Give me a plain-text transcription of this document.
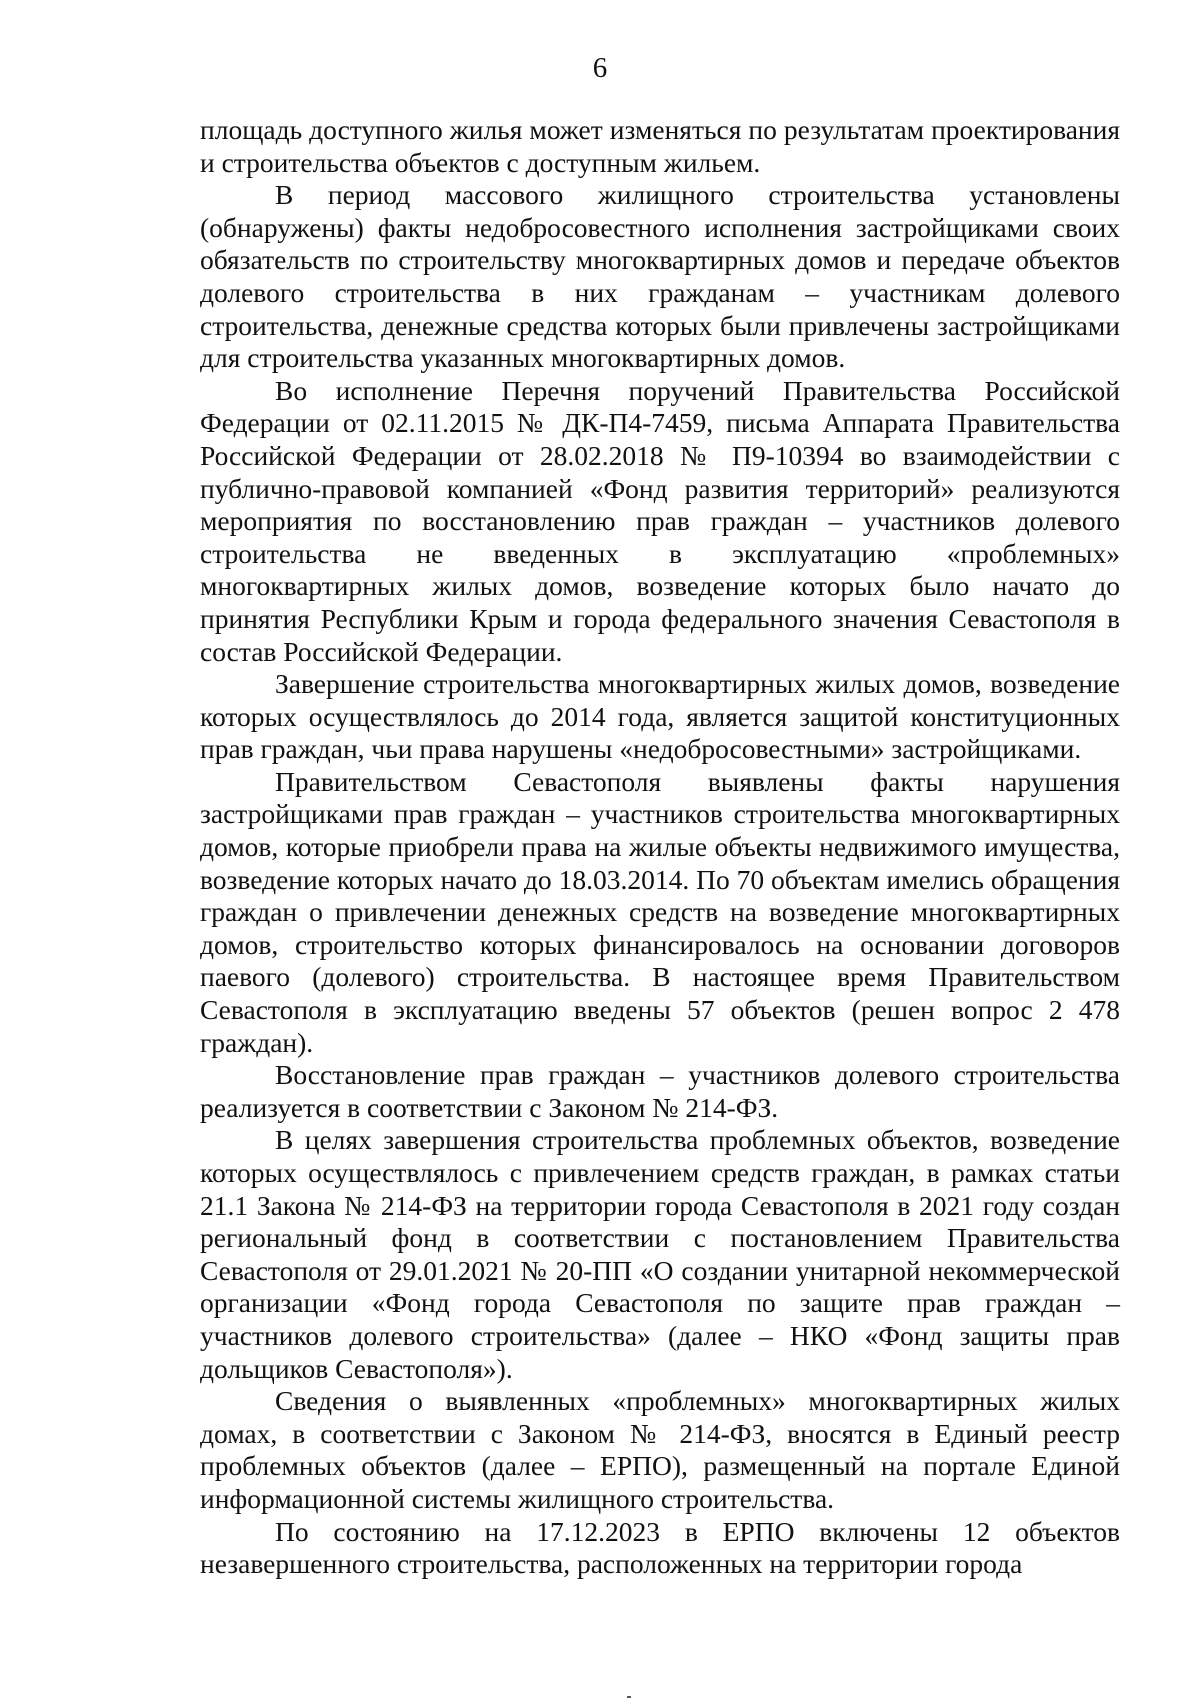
6

площадь доступного жилья может изменяться по результатам проектирования и строительства объектов с доступным жильем.

В период массового жилищного строительства установлены (обнаружены) факты недобросовестного исполнения застройщиками своих обязательств по строительству многоквартирных домов и передаче объектов долевого строительства в них гражданам – участникам долевого строительства, денежные средства которых были привлечены застройщиками для строительства указанных многоквартирных домов.

Во исполнение Перечня поручений Правительства Российской Федерации от 02.11.2015 № ДК-П4-7459, письма Аппарата Правительства Российской Федерации от 28.02.2018 № П9-10394 во взаимодействии с публично-правовой компанией «Фонд развития территорий» реализуются мероприятия по восстановлению прав граждан – участников долевого строительства не введенных в эксплуатацию «проблемных» многоквартирных жилых домов, возведение которых было начато до принятия Республики Крым и города федерального значения Севастополя в состав Российской Федерации.

Завершение строительства многоквартирных жилых домов, возведение которых осуществлялось до 2014 года, является защитой конституционных прав граждан, чьи права нарушены «недобросовестными» застройщиками.

Правительством Севастополя выявлены факты нарушения застройщиками прав граждан – участников строительства многоквартирных домов, которые приобрели права на жилые объекты недвижимого имущества, возведение которых начато до 18.03.2014. По 70 объектам имелись обращения граждан о привлечении денежных средств на возведение многоквартирных домов, строительство которых финансировалось на основании договоров паевого (долевого) строительства. В настоящее время Правительством Севастополя в эксплуатацию введены 57 объектов (решен вопрос 2 478 граждан).

Восстановление прав граждан – участников долевого строительства реализуется в соответствии с Законом № 214-ФЗ.

В целях завершения строительства проблемных объектов, возведение которых осуществлялось с привлечением средств граждан, в рамках статьи 21.1 Закона № 214-ФЗ на территории города Севастополя в 2021 году создан региональный фонд в соответствии с постановлением Правительства Севастополя от 29.01.2021 № 20-ПП «О создании унитарной некоммерческой организации «Фонд города Севастополя по защите прав граждан – участников долевого строительства» (далее – НКО «Фонд защиты прав дольщиков Севастополя»).

Сведения о выявленных «проблемных» многоквартирных жилых домах, в соответствии с Законом № 214-ФЗ, вносятся в Единый реестр проблемных объектов (далее – ЕРПО), размещенный на портале Единой информационной системы жилищного строительства.

По состоянию на 17.12.2023 в ЕРПО включены 12 объектов незавершенного строительства, расположенных на территории города
